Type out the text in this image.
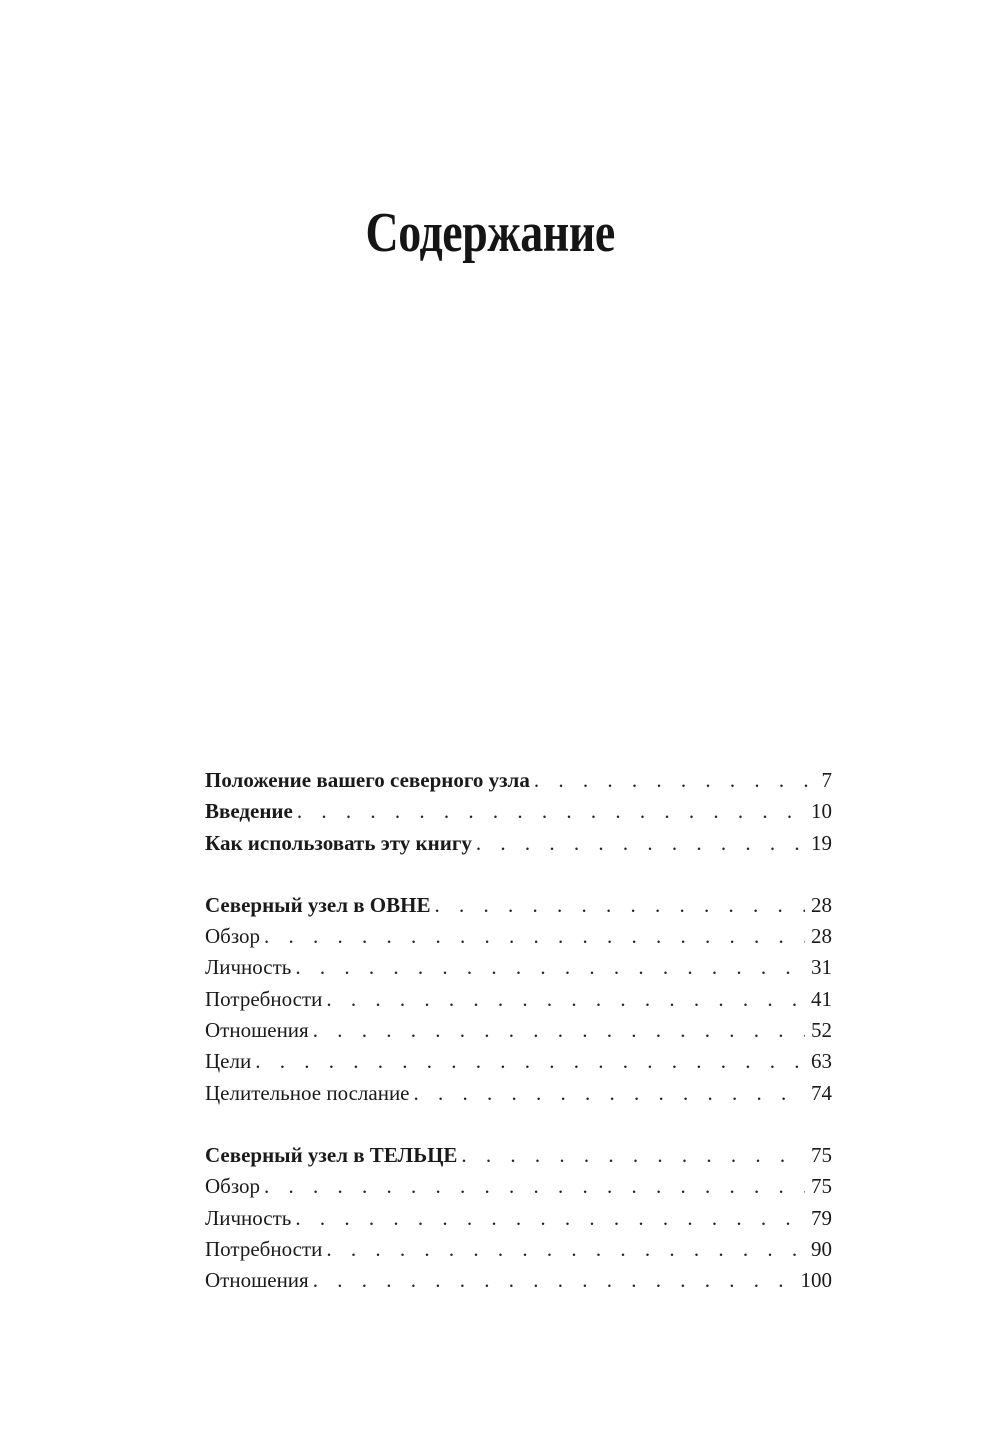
Содержание
Положение вашего северного узла . . .	7
Введение . . .	10
Как использовать эту книгу . . .	19
Северный узел в ОВНЕ . . .	28
Обзор . . .	28
Личность . . .	31
Потребности . . .	41
Отношения . . .	52
Цели . . .	63
Целительное послание . . .	74
Северный узел в ТЕЛЬЦЕ . . .	75
Обзор . . .	75
Личность . . .	79
Потребности . . .	90
Отношения . . .	100
